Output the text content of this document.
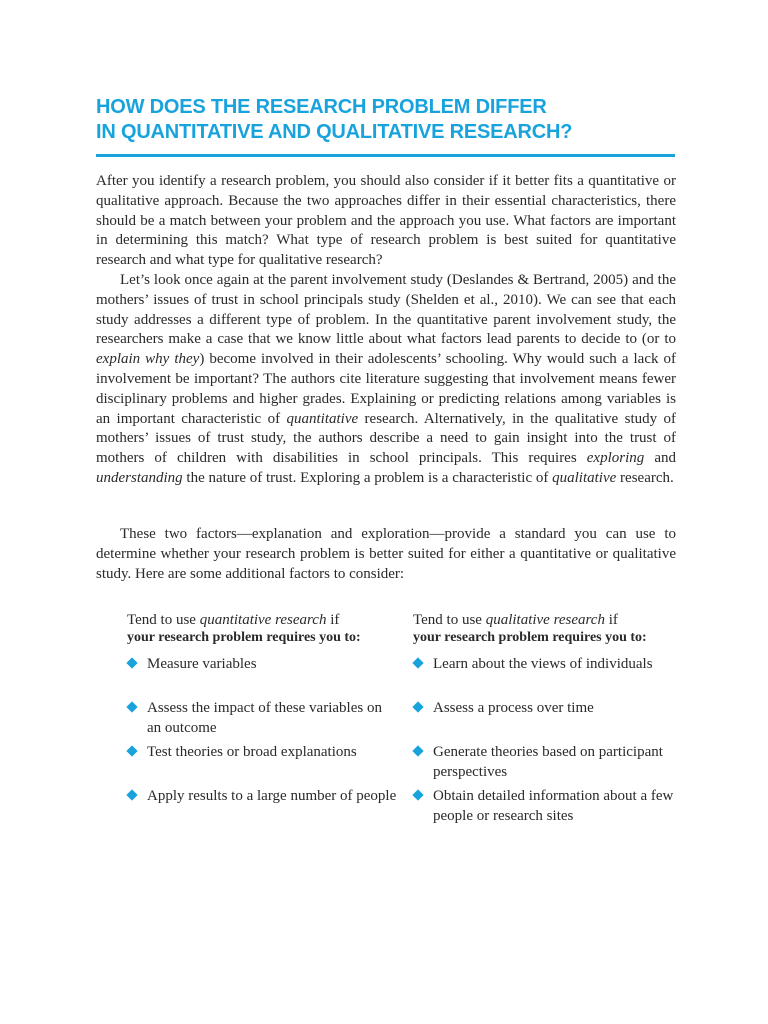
HOW DOES THE RESEARCH PROBLEM DIFFER
IN QUANTITATIVE AND QUALITATIVE RESEARCH?

After you identify a research problem, you should also consider if it better fits a quantitative or qualitative approach. Because the two approaches differ in their essential characteristics, there should be a match between your problem and the approach you use. What factors are important in determining this match? What type of research problem is best suited for quantitative research and what type for qualitative research?

Let’s look once again at the parent involvement study (Deslandes & Bertrand, 2005) and the mothers’ issues of trust in school principals study (Shelden et al., 2010). We can see that each study addresses a different type of problem. In the quantitative parent involvement study, the researchers make a case that we know little about what factors lead parents to decide to (or to explain why they) become involved in their adolescents’ schooling. Why would such a lack of involvement be important? The authors cite literature suggesting that involvement means fewer disciplinary problems and higher grades. Explaining or predicting relations among variables is an important characteristic of quantitative research. Alternatively, in the qualitative study of mothers’ issues of trust study, the authors describe a need to gain insight into the trust of mothers of children with disabilities in school principals. This requires exploring and understanding the nature of trust. Exploring a problem is a characteristic of qualitative research.

These two factors—explanation and exploration—provide a standard you can use to determine whether your research problem is better suited for either a quantitative or qualitative study. Here are some additional factors to consider:

Tend to use quantitative research if
your research problem requires you to:
Measure variables
Assess the impact of these variables on an outcome
Test theories or broad explanations
Apply results to a large number of people
Tend to use qualitative research if
your research problem requires you to:
Learn about the views of individuals
Assess a process over time
Generate theories based on participant perspectives
Obtain detailed information about a few people or research sites
